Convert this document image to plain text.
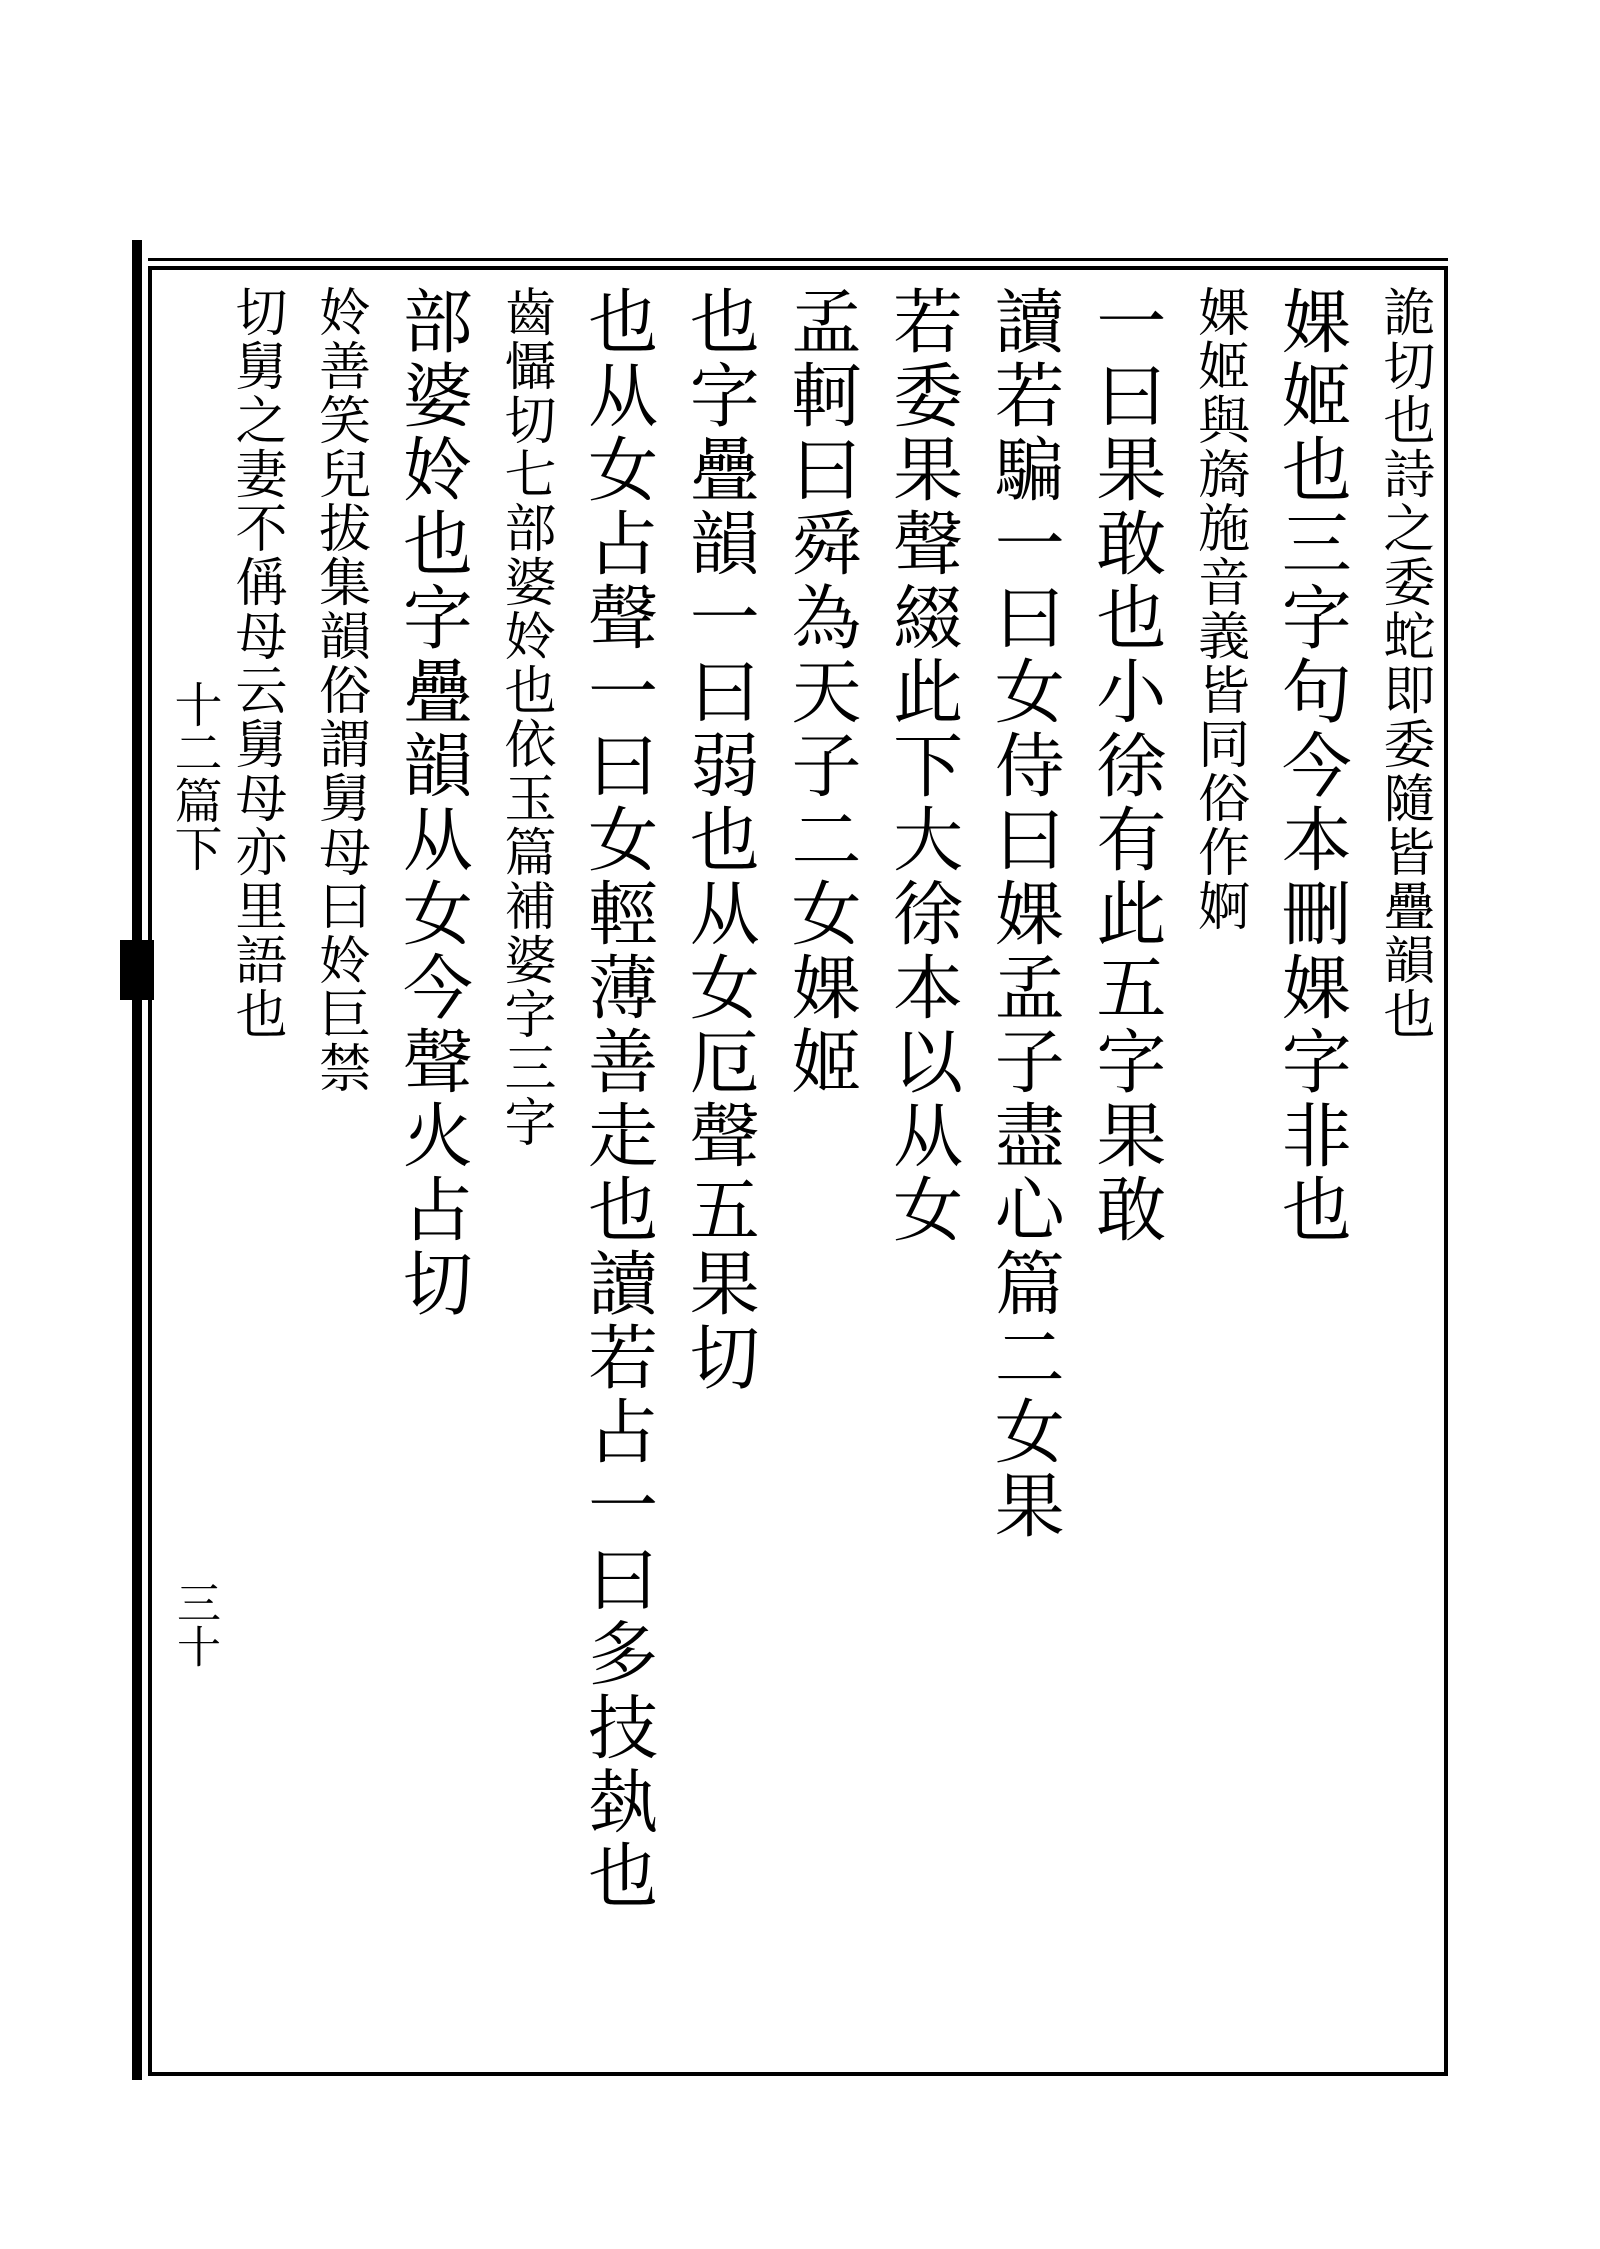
十二篇下
三十
詭切也詩之委蛇即委隨皆疊韻也
婐姬也三字句今本刪婐字非也
婐姬與旖施音義皆同俗作婀
一曰果敢也小徐有此五字果敢
讀若騙一曰女侍曰婐孟子盡心篇二女果
若委果聲綴此下大徐本以从女
孟軻曰舜為天子二女婐姬
也字疊韻一曰弱也从女厄聲五果切
也从女占聲一曰女輕薄善走也讀若占一曰多技埶也
齒懾切七部婆姈也依玉篇補婆字三字
部婆姈也字疊韻从女今聲火占切
姈善笑兒拔集韻俗謂舅母曰姈巨禁
切舅之妻不偁母云舅母亦里語也
